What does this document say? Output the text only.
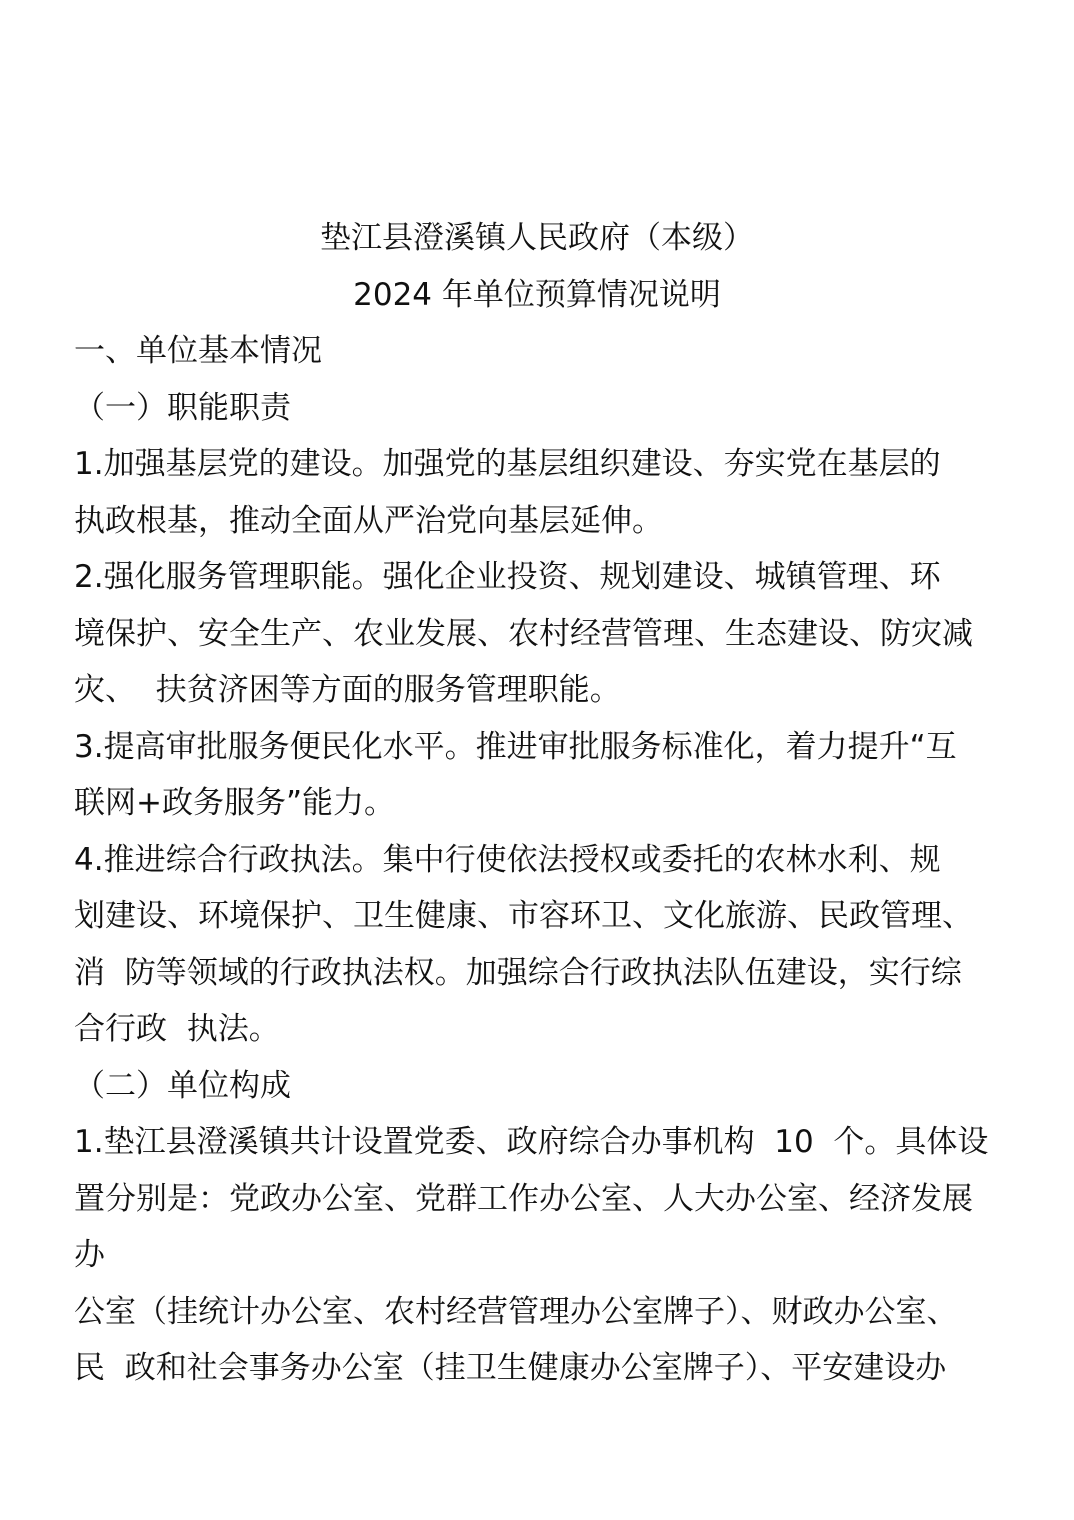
垫江县澄溪镇人民政府（本级）
2024 年单位预算情况说明
一、单位基本情况
（一）职能职责
1.加强基层党的建设。加强党的基层组织建设、夯实党在基层的
执政根基，推动全面从严治党向基层延伸。
2.强化服务管理职能。强化企业投资、规划建设、城镇管理、环
境保护、安全生产、农业发展、农村经营管理、生态建设、防灾减
灾、  扶贫济困等方面的服务管理职能。
3.提高审批服务便民化水平。推进审批服务标准化，着力提升“互
联网+政务服务”能力。
4.推进综合行政执法。集中行使依法授权或委托的农林水利、规
划建设、环境保护、卫生健康、市容环卫、文化旅游、民政管理、
消  防等领域的行政执法权。加强综合行政执法队伍建设，实行综
合行政  执法。
（二）单位构成
1.垫江县澄溪镇共计设置党委、政府综合办事机构  10  个。具体设
置分别是：党政办公室、党群工作办公室、人大办公室、经济发展
办
公室（挂统计办公室、农村经营管理办公室牌子）、财政办公室、
民  政和社会事务办公室（挂卫生健康办公室牌子）、平安建设办
